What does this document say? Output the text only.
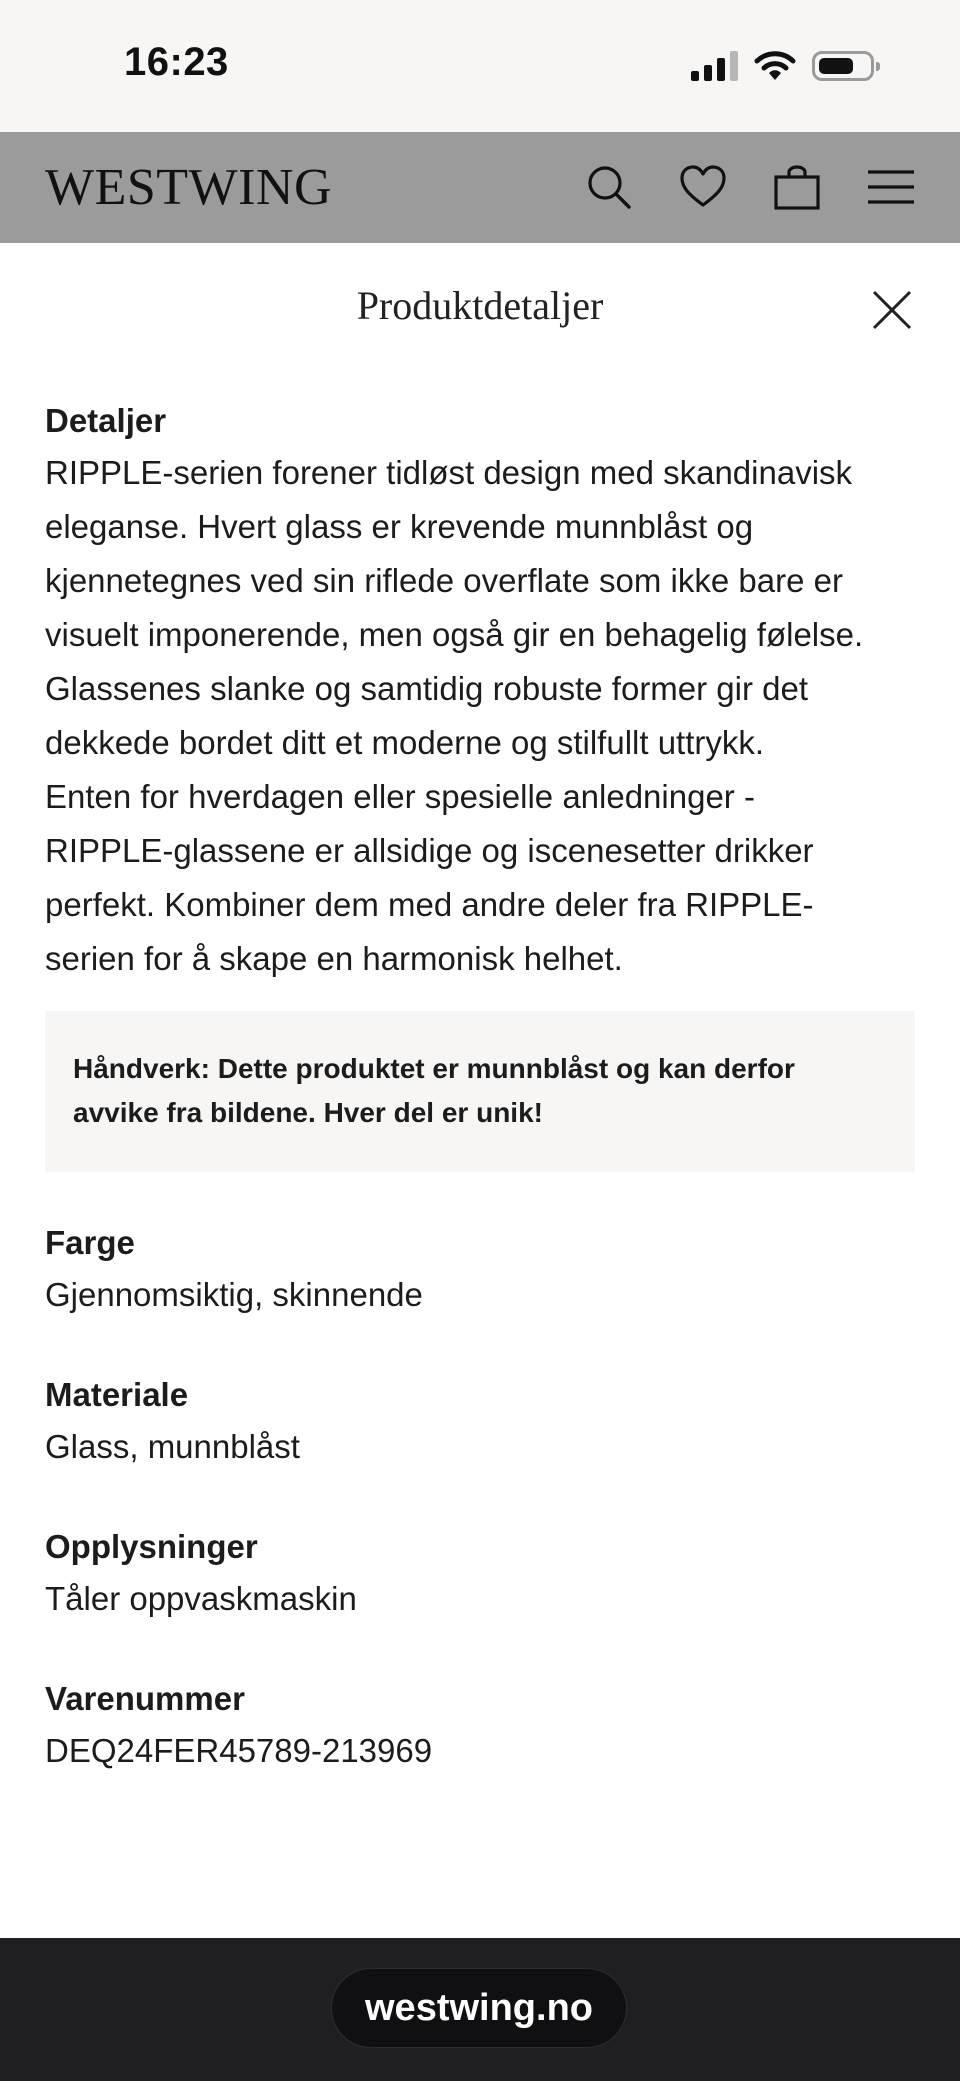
16:23
WESTWING
Produktdetaljer
Detaljer
RIPPLE-serien forener tidløst design med skandinavisk
eleganse. Hvert glass er krevende munnblåst og
kjennetegnes ved sin riflede overflate som ikke bare er
visuelt imponerende, men også gir en behagelig følelse.
Glassenes slanke og samtidig robuste former gir det
dekkede bordet ditt et moderne og stilfullt uttrykk.
Enten for hverdagen eller spesielle anledninger -
RIPPLE-glassene er allsidige og iscenesetter drikker
perfekt. Kombiner dem med andre deler fra RIPPLE-
serien for å skape en harmonisk helhet.
Håndverk: Dette produktet er munnblåst og kan derfor
avvike fra bildene. Hver del er unik!
Farge
Gjennomsiktig, skinnende
Materiale
Glass, munnblåst
Opplysninger
Tåler oppvaskmaskin
Varenummer
DEQ24FER45789-213969
westwing.no
